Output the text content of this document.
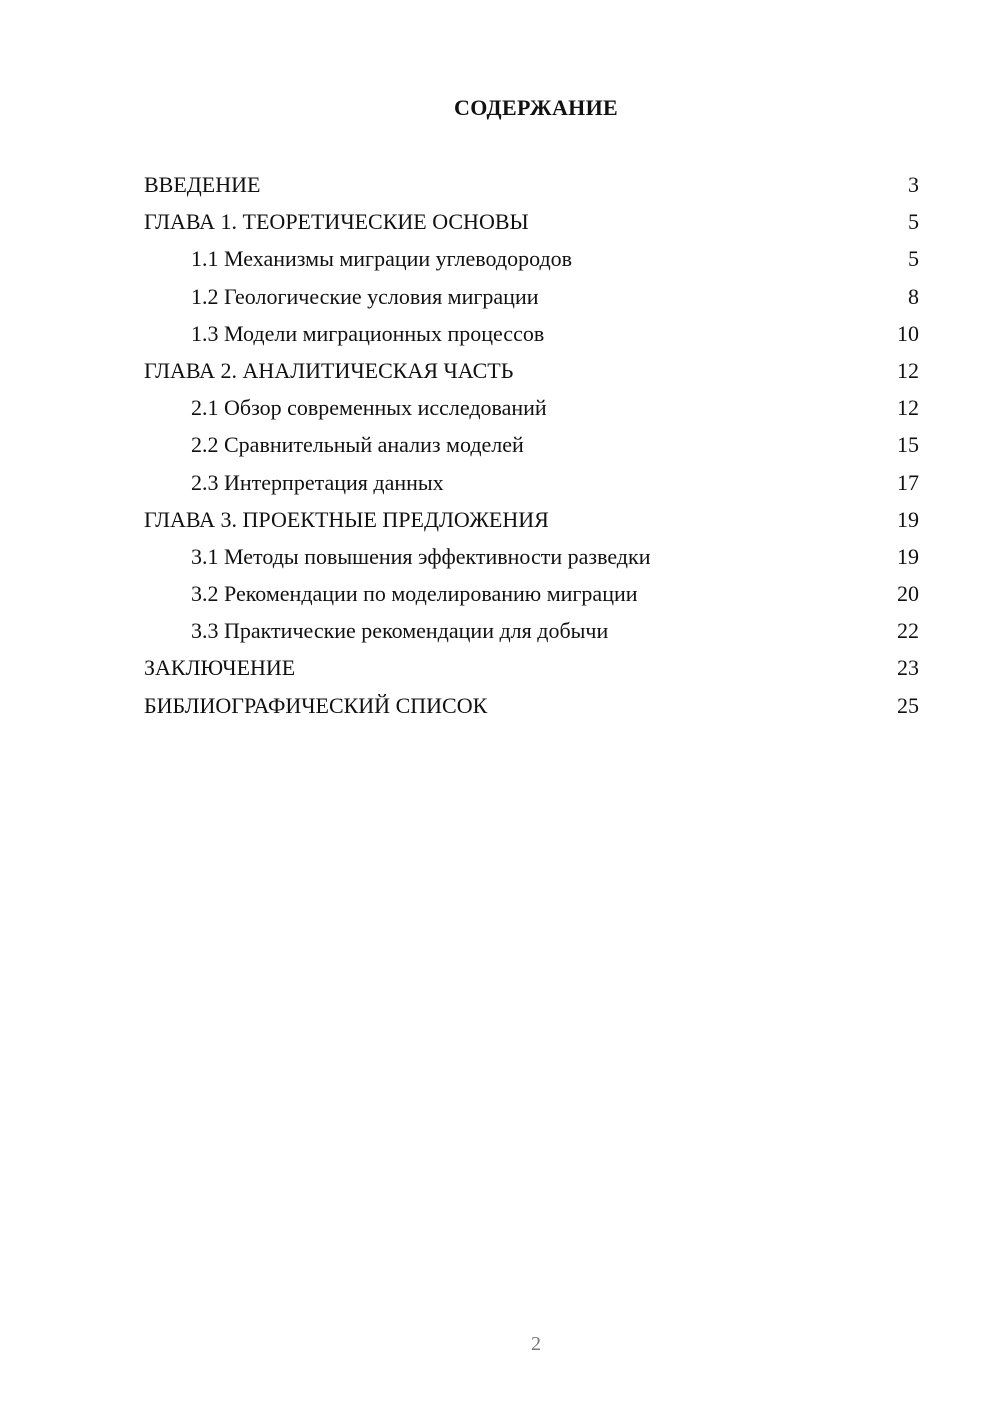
СОДЕРЖАНИЕ
ВВЕДЕНИЕ	3
ГЛАВА 1. ТЕОРЕТИЧЕСКИЕ ОСНОВЫ	5
1.1 Механизмы миграции углеводородов	5
1.2 Геологические условия миграции	8
1.3 Модели миграционных процессов	10
ГЛАВА 2. АНАЛИТИЧЕСКАЯ ЧАСТЬ	12
2.1 Обзор современных исследований	12
2.2 Сравнительный анализ моделей	15
2.3 Интерпретация данных	17
ГЛАВА 3. ПРОЕКТНЫЕ ПРЕДЛОЖЕНИЯ	19
3.1 Методы повышения эффективности разведки	19
3.2 Рекомендации по моделированию миграции	20
3.3 Практические рекомендации для добычи	22
ЗАКЛЮЧЕНИЕ	23
БИБЛИОГРАФИЧЕСКИЙ СПИСОК	25
2
